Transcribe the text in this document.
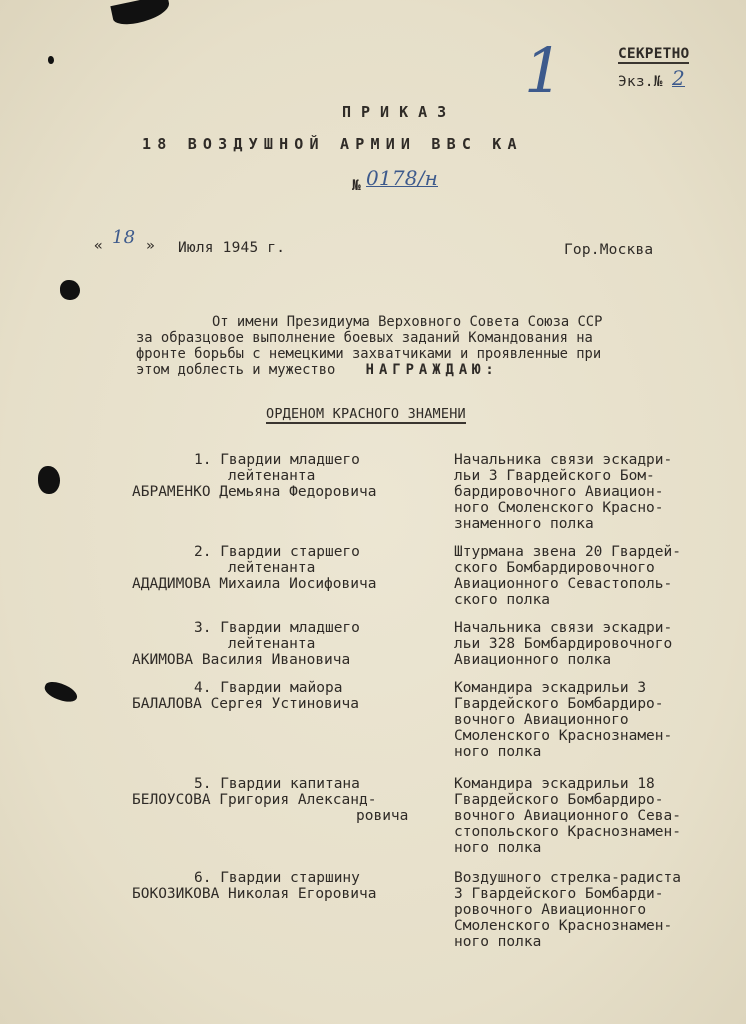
СЕКРЕТНО
Экз.№ 2
1
ПРИКАЗ
18 ВОЗДУШНОЙ АРМИИ ВВС КА
№ 0178/н
« 18 » Июля 1945 г.	Гор.Москва
От имени Президиума Верховного Совета Союза ССР
за образцовое выполнение боевых заданий Командования на
фронте борьбы с немецкими захватчиками и проявленные при
этом доблесть и мужество НАГРАЖДАЮ:
ОРДЕНОМ КРАСНОГО ЗНАМЕНИ
1. Гвардии младшего
лейтенанта
АБРАМЕНКО Демьяна Федоровича
Начальника связи эскадри-
льи 3 Гвардейского Бом-
бардировочного Авиацион-
ного Смоленского Красно-
знаменного полка
2. Гвардии старшего
лейтенанта
АДАДИМОВА Михаила Иосифовича
Штурмана звена 20 Гвардей-
ского Бомбардировочного
Авиационного Севастополь-
ского полка
3. Гвардии младшего
лейтенанта
АКИМОВА Василия Ивановича
Начальника связи эскадри-
льи 328 Бомбардировочного
Авиационного полка
4. Гвардии майора
БАЛАЛОВА Сергея Устиновича
Командира эскадрильи 3
Гвардейского Бомбардиро-
вочного Авиационного
Смоленского Краснознамен-
ного полка
5. Гвардии капитана
БЕЛОУСОВА Григория Александ-
ровича
Командира эскадрильи 18
Гвардейского Бомбардиро-
вочного Авиационного Сева-
стопольского Краснознамен-
ного полка
6. Гвардии старшину
БОКОЗИКОВА Николая Егоровича
Воздушного стрелка-радиста
3 Гвардейского Бомбарди-
ровочного Авиационного
Смоленского Краснознамен-
ного полка
